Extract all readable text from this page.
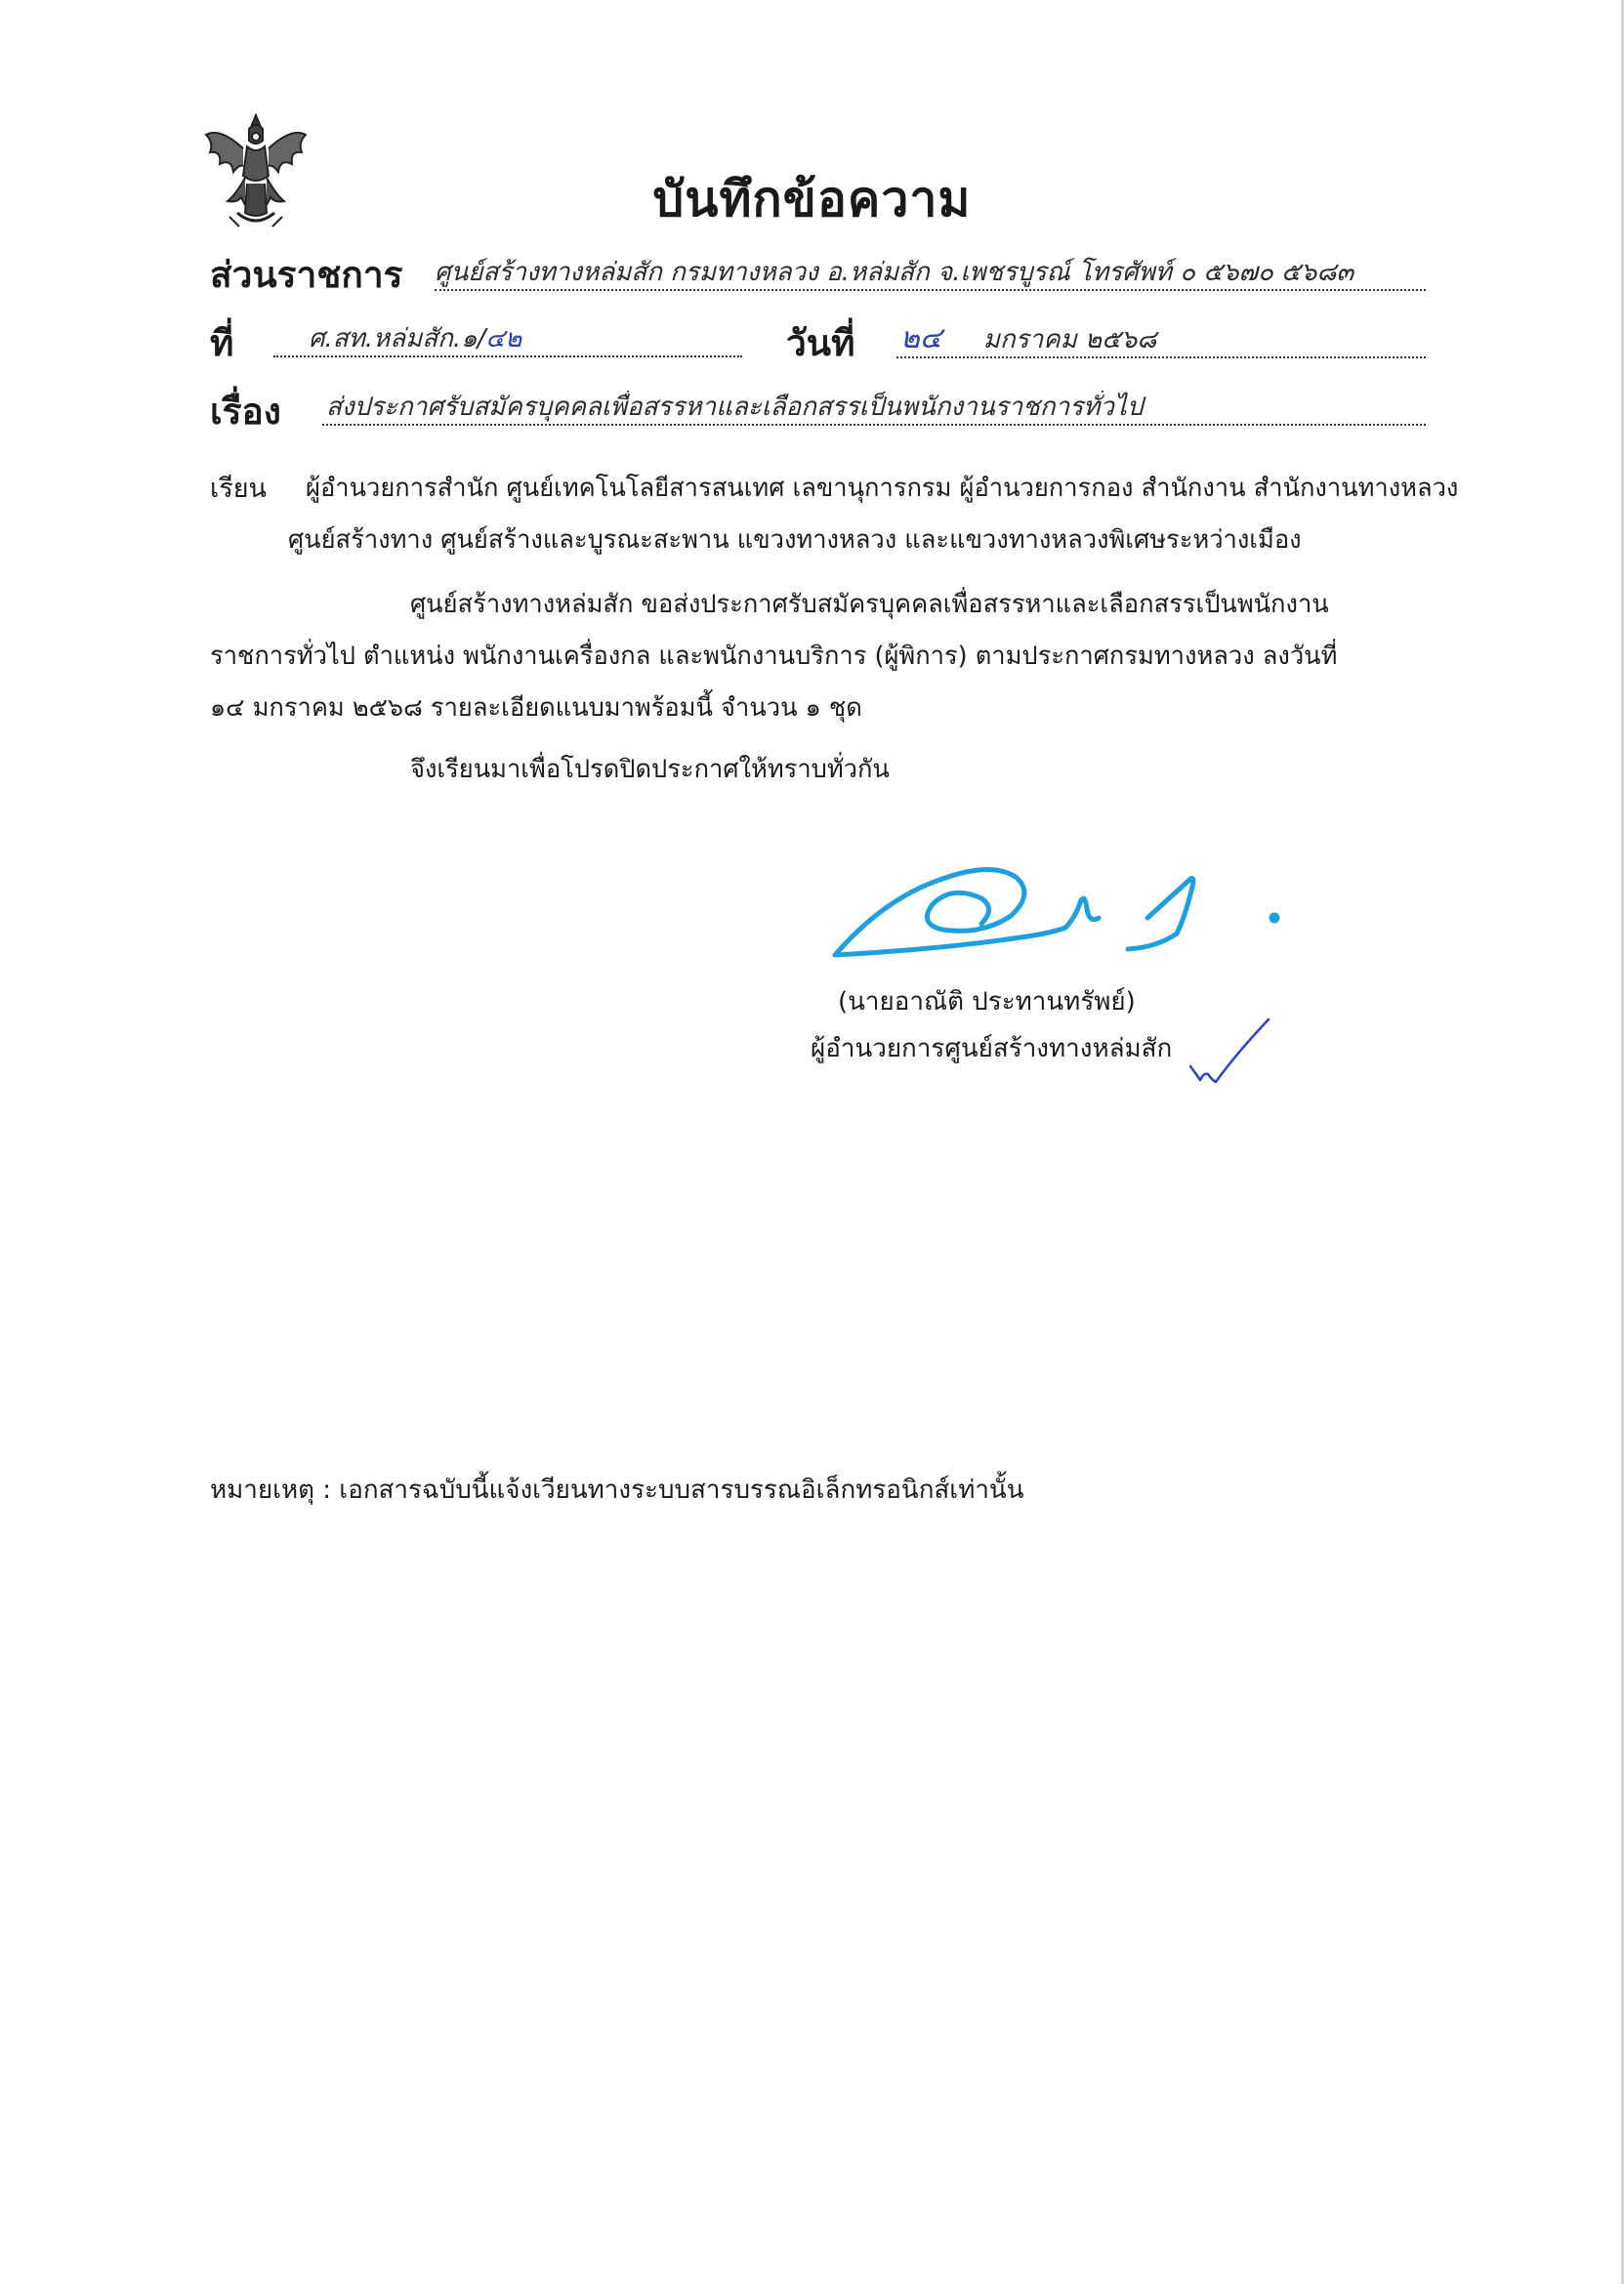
บันทึกข้อความ
ส่วนราชการ ศูนย์สร้างทางหล่มสัก กรมทางหลวง อ.หล่มสัก จ.เพชรบูรณ์ โทรศัพท์ ๐ ๕๖๗๐ ๕๖๘๓
ที่	ศ.สท.หล่มสัก.๑/๔๒	วันที่ ๒๔ มกราคม ๒๕๖๘
เรื่อง ส่งประกาศรับสมัครบุคคลเพื่อสรรหาและเลือกสรรเป็นพนักงานราชการทั่วไป
เรียน ผู้อำนวยการสำนัก ศูนย์เทคโนโลยีสารสนเทศ เลขานุการกรม ผู้อำนวยการกอง สำนักงาน สำนักงานทางหลวง
ศูนย์สร้างทาง ศูนย์สร้างและบูรณะสะพาน แขวงทางหลวง และแขวงทางหลวงพิเศษระหว่างเมือง
ศูนย์สร้างทางหล่มสัก ขอส่งประกาศรับสมัครบุคคลเพื่อสรรหาและเลือกสรรเป็นพนักงาน
ราชการทั่วไป ตำแหน่ง พนักงานเครื่องกล และพนักงานบริการ (ผู้พิการ) ตามประกาศกรมทางหลวง ลงวันที่
๑๔ มกราคม ๒๕๖๘ รายละเอียดแนบมาพร้อมนี้ จำนวน ๑ ชุด
จึงเรียนมาเพื่อโปรดปิดประกาศให้ทราบทั่วกัน
(นายอาณัติ ประทานทรัพย์)
ผู้อำนวยการศูนย์สร้างทางหล่มสัก
หมายเหตุ : เอกสารฉบับนี้แจ้งเวียนทางระบบสารบรรณอิเล็กทรอนิกส์เท่านั้น
